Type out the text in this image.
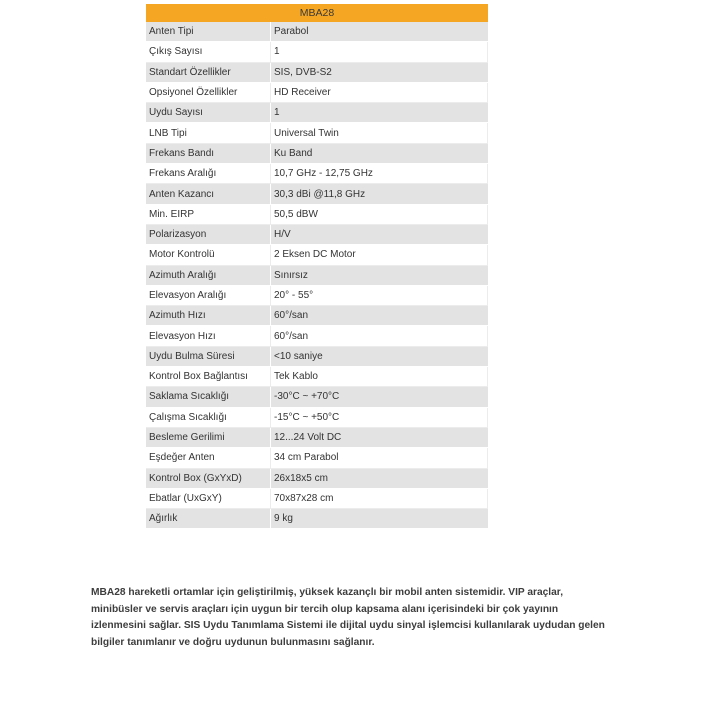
MBA28	
Anten Tipi	Parabol
Çıkış Sayısı	1
Standart Özellikler	SIS, DVB-S2
Opsiyonel Özellikler	HD Receiver
Uydu Sayısı	1
LNB Tipi	Universal Twin
Frekans Bandı	Ku Band
Frekans Aralığı	10,7 GHz - 12,75 GHz
Anten Kazancı	30,3 dBi @11,8 GHz
Min. EIRP	50,5 dBW
Polarizasyon	H/V
Motor Kontrolü	2 Eksen DC Motor
Azimuth Aralığı	Sınırsız
Elevasyon Aralığı	20° - 55°
Azimuth Hızı	60°/san
Elevasyon Hızı	60°/san
Uydu Bulma Süresi	<10 saniye
Kontrol Box Bağlantısı	Tek Kablo
Saklama Sıcaklığı	-30°C ~ +70°C
Çalışma Sıcaklığı	-15°C ~ +50°C
Besleme Gerilimi	12...24 Volt DC
Eşdeğer Anten	34 cm Parabol
Kontrol Box (GxYxD)	26x18x5 cm
Ebatlar (UxGxY)	70x87x28 cm
Ağırlık	9 kg

MBA28 hareketli ortamlar için geliştirilmiş, yüksek kazançlı bir mobil anten sistemidir. VIP araçlar,
minibüsler ve servis araçları için uygun bir tercih olup kapsama alanı içerisindeki bir çok yayının
izlenmesini sağlar. SIS Uydu Tanımlama Sistemi ile dijital uydu sinyal işlemcisi kullanılarak uydudan gelen
bilgiler tanımlanır ve doğru uydunun bulunmasını sağlanır.
